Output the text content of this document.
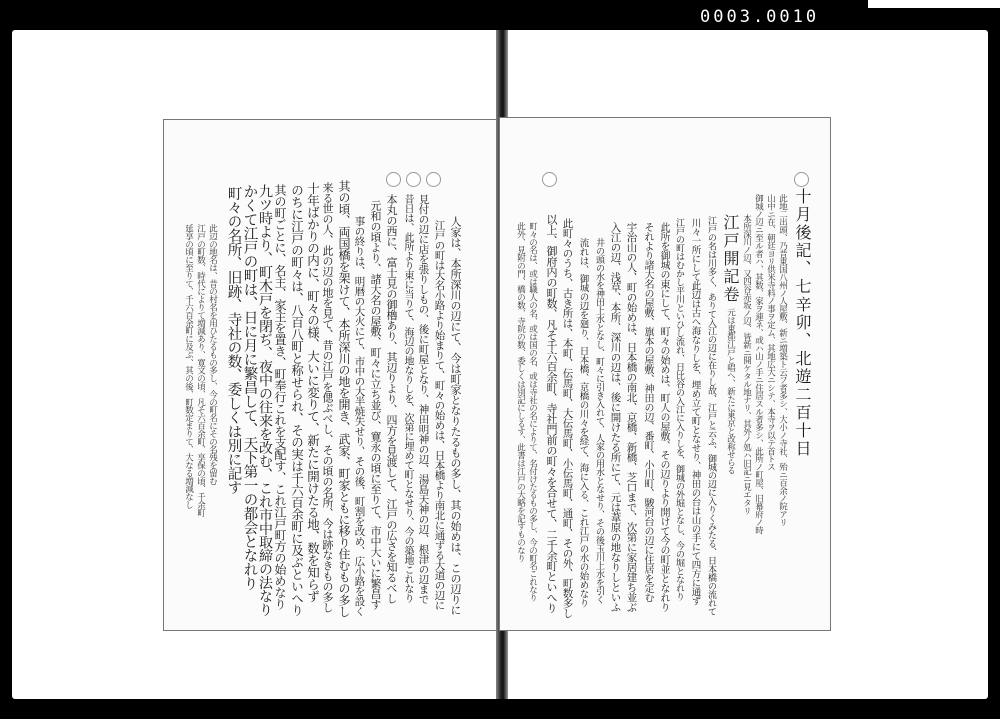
0003.0010
人家は、本所深川の辺にて、今は町家となりたるもの多し、其の始めは、この辺りに
江戸の町は大名小路より始まりて、町々の始めは、日本橋より南北に通ずる大道の辺に
見付の辺に店を張りしもの、後に町屋となり、神田明神の辺、湯島天神の辺、根津の辺まで
昔日は、此所より東に当りて、海辺の地なりしを、次第に埋めて町となせり、今の築地これなり
本丸の西に、富士見の御櫓あり、其辺りより、四方を見渡して、江戸の広さを知るべし
元和の頃より、諸大名の屋敷、町々に立ち並び、寛永の頃に至りて、市中大いに繁昌す
事の終りは、明暦の大火にて、市中の大半焼失せり、その後、町割を改め、広小路を設く
其の頃、両国橋を架けて、本所深川の地を開き、武家、町家ともに移り住むもの多し
来る世の人、此の辺の地を見て、昔の江戸を偲ぶべし、その頃の名所、今は跡なきもの多し
十年ばかりの内に、町々の様、大いに変りて、新たに開けたる地、数を知らず
のちに江戸の町々は、八百八町と称せられ、その実は千六百余町に及ぶといへり
其の町ごとに、名主、家主を置き、町奉行これを支配す、これ江戸町方の始めなり
九ツ時より、町木戸を閉ぢ、夜中の往来を改む、これ市中取締の法なり
かくて江戸の町は、日に月に繁昌して、天下第一の都会となれり
町々の名所、旧跡、寺社の数、委しくは別に記す
此辺の地名は、昔の村名を用ひたるもの多し、今の町名にその名残を留む
江戸の町数、時代によりて増減あり、寛文の頃、凡そ六百余町、享保の頃、千余町
延享の頃に至りて、千六百余町に及ぶ、其の後、町数定まりて、大なる増減なし	十月後記、七辛卯、北遊二百十日
此地二出頭、乃昔東国八州ノ人屋敷、新ニ増築ト云フ者多シ、大小ノ寺社、殆ニ百余ノ院アリ
山中ニ在、朝廷ヨリ供米寺料ノ事ヲ定ム、其地広大ニシテ、本寺ヲ以テ首トス
御城ノ辺ニ至ル者ハ、其数、家ヲ連ネ、或ハ山ノ手ニ住居スル者多シ、此所ノ町屋、旧幕府ノ時
本所深川ノ辺、又四谷赤坂ノ辺、皆新ニ開ケタル地ナリ、其外ノ処ハ旧記ニ見エタリ
江戸開記卷
元は東都江戸と唱へ、新たに東京と改称せらる
江戸の名は川多く、ありて入江の辺に在りし故、江戸と云ふ、御城の辺に入りくみたる、日本橋の流れて
川々一所にして此辺は古へ海なりしを、埋め立て町となせり、神田の台は山の手にて四方に通ず
江戸の町はむかし平川といひし流れ、日比谷の入江に入りしを、御城の外堀となし、今の堀となれり
此所を御城の東にして、町々の始めは、町人の屋敷、その辺りより開けて今の町並となれり
それより諸大名の屋敷、旗本の屋敷、神田の辺、番町、小川町、駿河台の辺に住居を定む
宇治山の人、町の始めは、日本橋の南北、京橋、新橋、芝口まで、次第に家居建ち並ぶ
入江の辺、浅草、本所、深川の辺は、後に開けたる所にて、元は葦原の地なりしといふ
井の頭の水を神田上水となし、町々に引き入れて、人家の用水となせり、その後玉川上水を引く
流れは、御城の辺を廻り、日本橋、京橋の川々を経て、海に入る、これ江戸の水の始めなり
此町々のうち、古き所は、本町、伝馬町、大伝馬町、小伝馬町、通町、その外、町数多し
以上、御府内の町数、凡そ千六百余町、寺社門前の町々を合せて、二千余町といへり
町々の名は、或は職人の名、或は国の名、或は寺社の名によりて、名付けたるもの多し、今の町名これなり
此外、見附の門、橋の数、寺院の数、委しくは別記にしるす、此書は江戸の大略を記すものなり
